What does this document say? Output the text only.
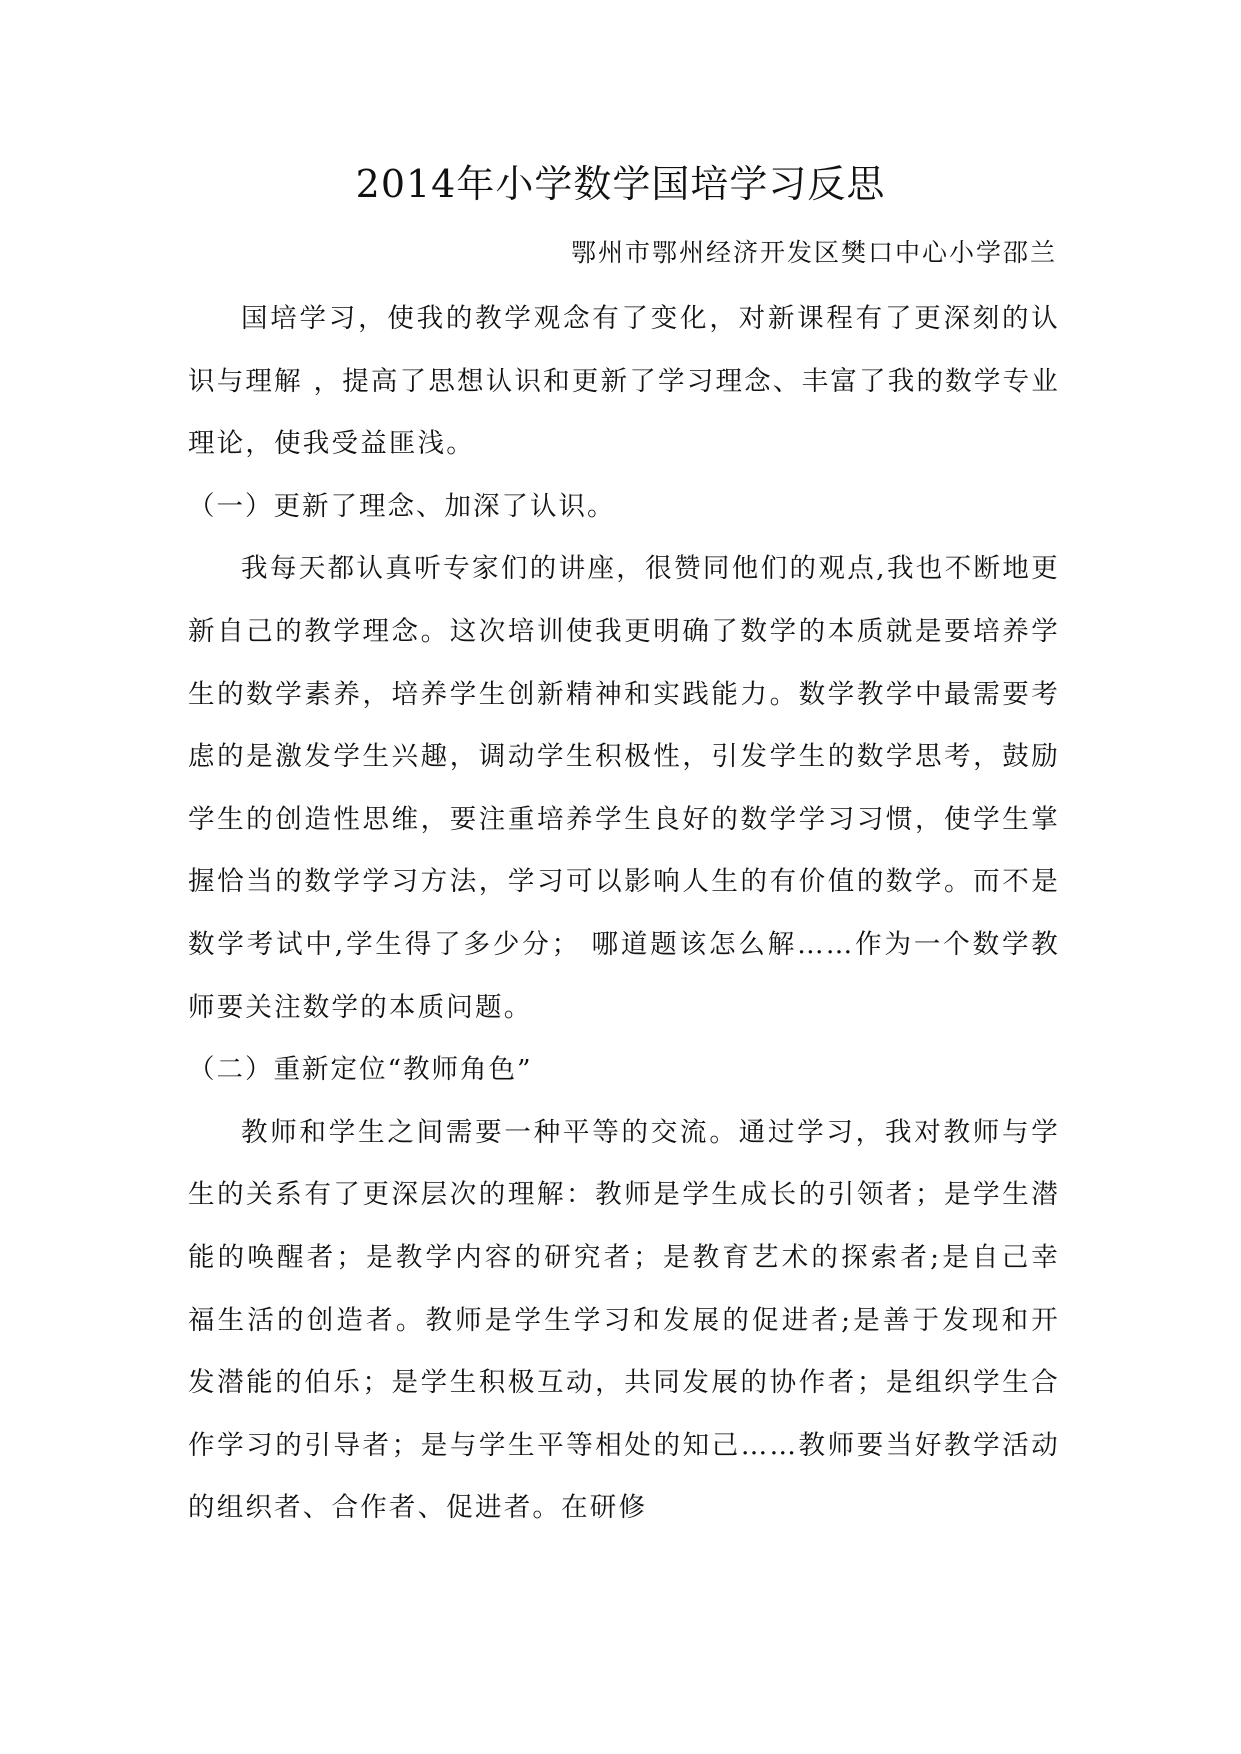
2014年小学数学国培学习反思
鄂州市鄂州经济开发区樊口中心小学邵兰

国培学习，使我的教学观念有了变化，对新课程有了更深刻的认识与理解 ，提高了思想认识和更新了学习理念、丰富了我的数学专业理论，使我受益匪浅。

（一）更新了理念、加深了认识。

我每天都认真听专家们的讲座，很赞同他们的观点,我也不断地更新自己的教学理念。这次培训使我更明确了数学的本质就是要培养学生的数学素养，培养学生创新精神和实践能力。数学教学中最需要考虑的是激发学生兴趣，调动学生积极性，引发学生的数学思考，鼓励学生的创造性思维，要注重培养学生良好的数学学习习惯，使学生掌握恰当的数学学习方法，学习可以影响人生的有价值的数学。而不是数学考试中,学生得了多少分； 哪道题该怎么解……作为一个数学教师要关注数学的本质问题。

（二）重新定位“教师角色”

教师和学生之间需要一种平等的交流。通过学习，我对教师与学生的关系有了更深层次的理解：教师是学生成长的引领者；是学生潜能的唤醒者；是教学内容的研究者；是教育艺术的探索者;是自己幸福生活的创造者。教师是学生学习和发展的促进者;是善于发现和开发潜能的伯乐；是学生积极互动，共同发展的协作者；是组织学生合作学习的引导者；是与学生平等相处的知己……教师要当好教学活动的组织者、合作者、促进者。在研修
